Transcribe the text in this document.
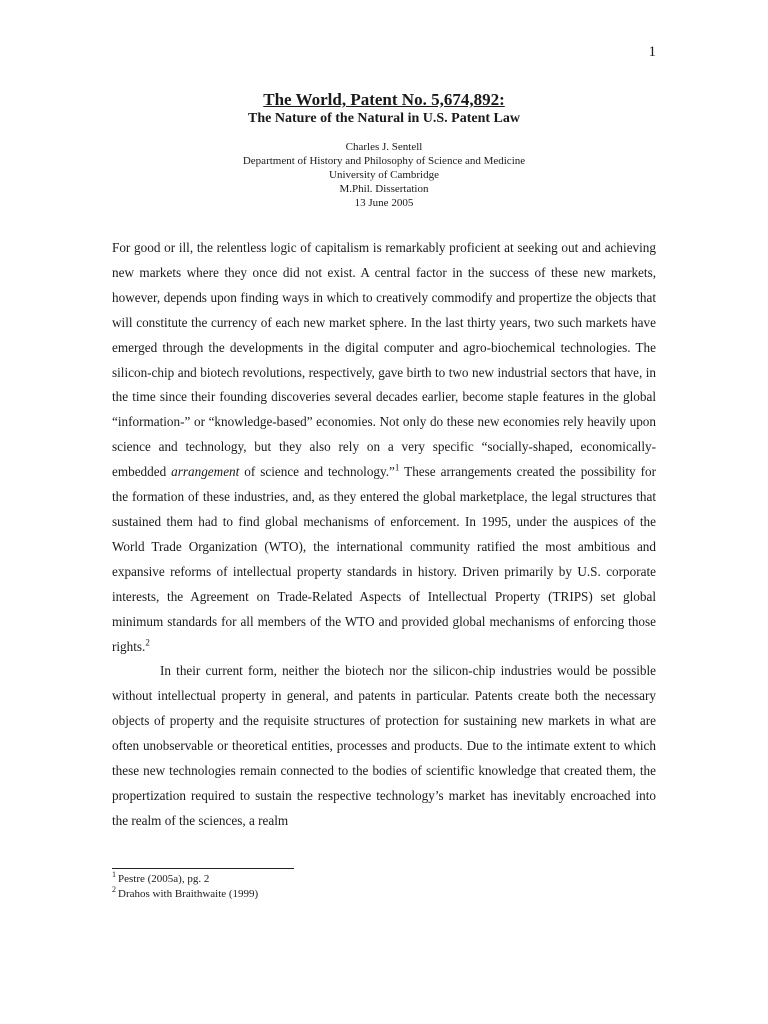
1
The World, Patent No. 5,674,892:
The Nature of the Natural in U.S. Patent Law
Charles J. Sentell
Department of History and Philosophy of Science and Medicine
University of Cambridge
M.Phil. Dissertation
13 June 2005

For good or ill, the relentless logic of capitalism is remarkably proficient at seeking out and achieving new markets where they once did not exist. A central factor in the success of these new markets, however, depends upon finding ways in which to creatively commodify and propertize the objects that will constitute the currency of each new market sphere. In the last thirty years, two such markets have emerged through the developments in the digital computer and agro-biochemical technologies. The silicon-chip and biotech revolutions, respectively, gave birth to two new industrial sectors that have, in the time since their founding discoveries several decades earlier, become staple features in the global “information-” or “knowledge-based” economies. Not only do these new economies rely heavily upon science and technology, but they also rely on a very specific “socially-shaped, economically-embedded arrangement of science and technology.”$^1$ These arrangements created the possibility for the formation of these industries, and, as they entered the global marketplace, the legal structures that sustained them had to find global mechanisms of enforcement. In 1995, under the auspices of the World Trade Organization (WTO), the international community ratified the most ambitious and expansive reforms of intellectual property standards in history. Driven primarily by U.S. corporate interests, the Agreement on Trade-Related Aspects of Intellectual Property (TRIPS) set global minimum standards for all members of the WTO and provided global mechanisms of enforcing those rights.$^2$

In their current form, neither the biotech nor the silicon-chip industries would be possible without intellectual property in general, and patents in particular. Patents create both the necessary objects of property and the requisite structures of protection for sustaining new markets in what are often unobservable or theoretical entities, processes and products. Due to the intimate extent to which these new technologies remain connected to the bodies of scientific knowledge that created them, the propertization required to sustain the respective technology’s market has inevitably encroached into the realm of the sciences, a realm

$^1$ Pestre (2005a), pg. 2
$^2$ Drahos with Braithwaite (1999)
